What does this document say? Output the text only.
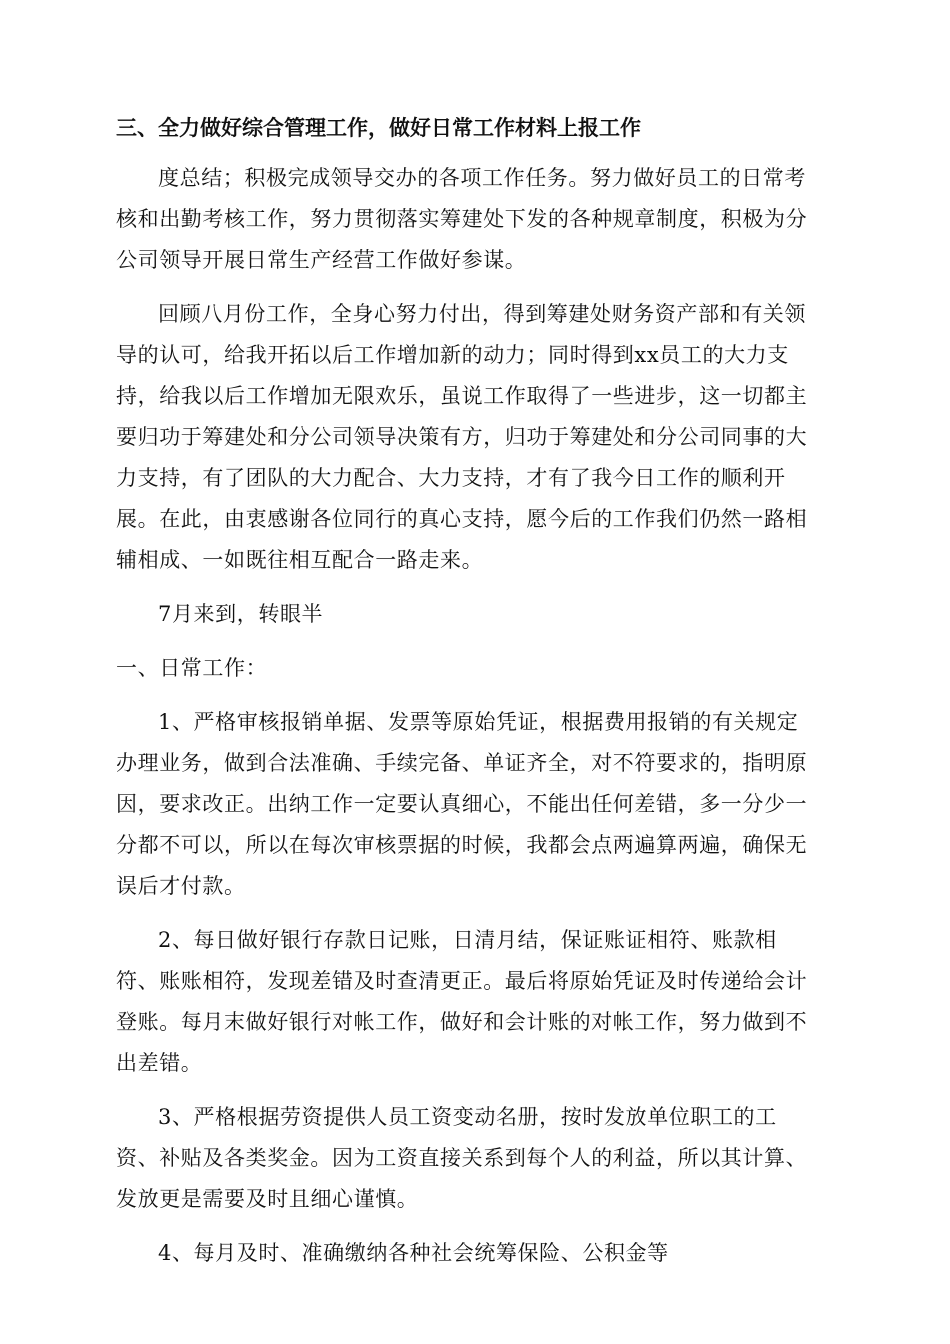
三、全力做好综合管理工作，做好日常工作材料上报工作
度总结；积极完成领导交办的各项工作任务。努力做好员工的日常考
核和出勤考核工作，努力贯彻落实筹建处下发的各种规章制度，积极为分
公司领导开展日常生产经营工作做好参谋。
回顾八月份工作，全身心努力付出，得到筹建处财务资产部和有关领
导的认可，给我开拓以后工作增加新的动力；同时得到xx员工的大力支
持，给我以后工作增加无限欢乐，虽说工作取得了一些进步，这一切都主
要归功于筹建处和分公司领导决策有方，归功于筹建处和分公司同事的大
力支持，有了团队的大力配合、大力支持，才有了我今日工作的顺利开
展。在此，由衷感谢各位同行的真心支持，愿今后的工作我们仍然一路相
辅相成、一如既往相互配合一路走来。
7月来到，转眼半
一、日常工作：
1、严格审核报销单据、发票等原始凭证，根据费用报销的有关规定
办理业务，做到合法准确、手续完备、单证齐全，对不符要求的，指明原
因，要求改正。出纳工作一定要认真细心，不能出任何差错，多一分少一
分都不可以，所以在每次审核票据的时候，我都会点两遍算两遍，确保无
误后才付款。
2、每日做好银行存款日记账，日清月结，保证账证相符、账款相
符、账账相符，发现差错及时查清更正。最后将原始凭证及时传递给会计
登账。每月末做好银行对帐工作，做好和会计账的对帐工作，努力做到不
出差错。
3、严格根据劳资提供人员工资变动名册，按时发放单位职工的工
资、补贴及各类奖金。因为工资直接关系到每个人的利益，所以其计算、
发放更是需要及时且细心谨慎。
4、每月及时、准确缴纳各种社会统筹保险、公积金等
